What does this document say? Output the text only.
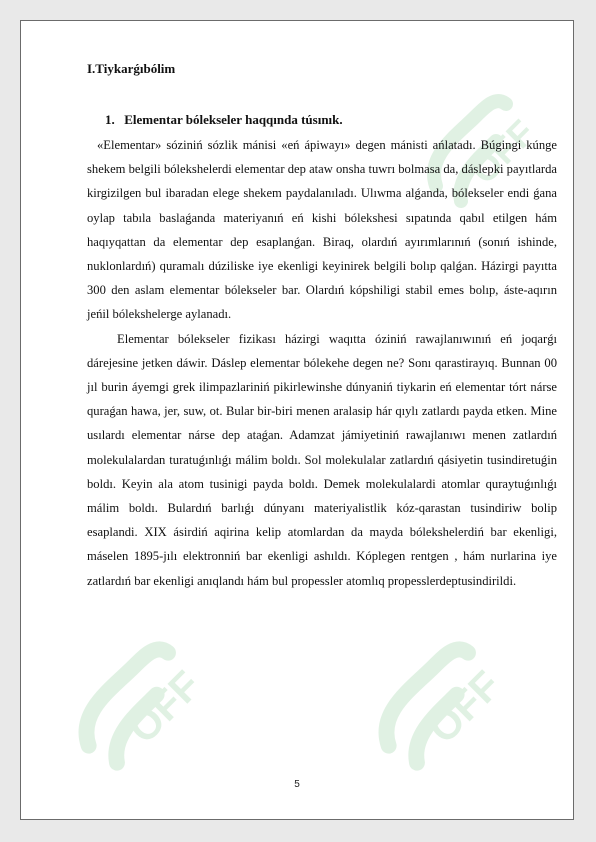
OFF
OFF	OFF

I.Tiykarǵıbólim

1. Elementar bólekseler haqqında túsınık.

«Elementar» sóziniń sózlik mánisi «eń ápiwayı» degen mánisti ańlatadı. Búgingi kúnge shekem belgili bólekshelerdi elementar dep ataw onsha tuwrı bolmasa da, dáslepki payıtlarda kirgizilgen bul ibaradan elege shekem paydalanıladı. Ulıwma alǵanda, bólekseler endi ǵana oylap tabıla baslaǵanda materiyanıń eń kishi bólekshesi sıpatında qabıl etilgen hám haqıyqattan da elementar dep esaplanǵan. Biraq, olardıń ayırımlarınıń (sonıń ishinde, nuklonlardıń) quramalı dúziliske iye ekenligi keyinirek belgili bolıp qalǵan. Házirgi payıtta 300 den aslam elementar bólekseler bar. Olardıń kópshiligi stabil emes bolıp, áste-aqırın jeńil bólekshelerge aylanadı.

Elementar bólekseler fizikası házirgi waqıtta óziniń rawajlanıwınıń eń joqarǵı dárejesine jetken dáwir. Dáslep elementar bólekehe degen ne? Sonı qarastirayıq. Bunnan 00 jıl burin áyemgi grek ilimpazlariniń pikirlewinshe dúnyaniń tiykarin eń elementar tórt nárse quraǵan hawa, jer, suw, ot. Bular bir-biri menen aralasip hár qıylı zatlardı payda etken. Mine usılardı elementar nárse dep ataǵan. Adamzat jámiyetiniń rawajlanıwı menen zatlardıń molekulalardan turatuǵınlıǵı málim boldı. Sol molekulalar zatlardıń qásiyetin tusindiretuǵin boldı. Keyin ala atom tusinigi payda boldı. Demek molekulalardi atomlar quraytuǵınlıǵı málim boldı. Bulardıń barlıǵı dúnyanı materiyalistlik kóz-qarastan tusindiriw bolip esaplandi. XIX ásirdiń aqirina kelip atomlardan da mayda bólekshelerdiń bar ekenligi, máselen 1895-jılı elektronniń bar ekenligi ashıldı. Kóplegen rentgen , hám nurlarina iye zatlardıń bar ekenligi anıqlandı hám bul propessler atomlıq propesslerdeptusindirildi.

5
